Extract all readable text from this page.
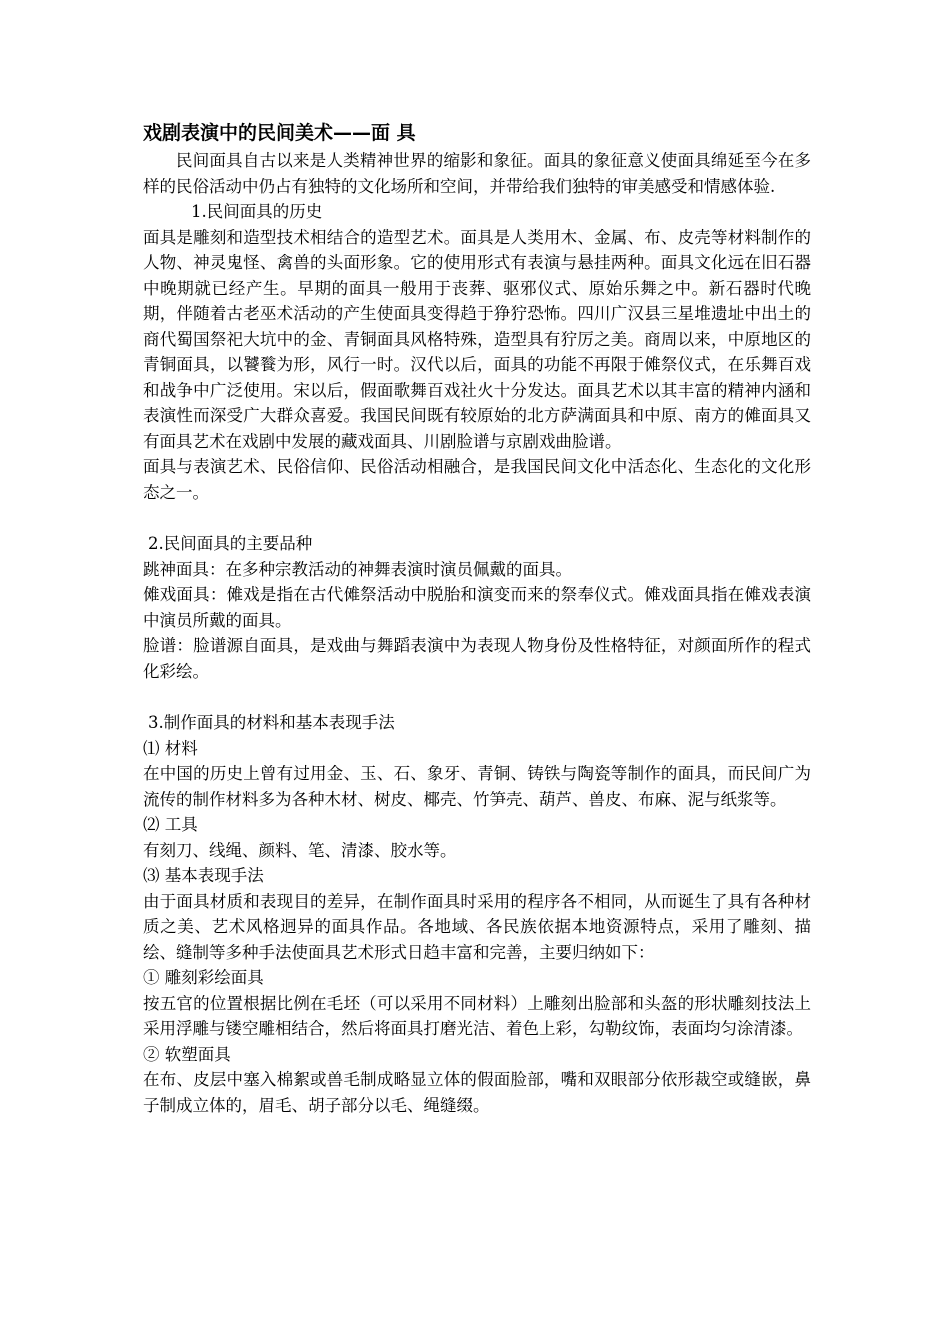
戏剧表演中的民间美术——面 具

民间面具自古以来是人类精神世界的缩影和象征。面具的象征意义使面具绵延至今在多样的民俗活动中仍占有独特的文化场所和空间，并带给我们独特的审美感受和情感体验.

1.民间面具的历史

面具是雕刻和造型技术相结合的造型艺术。面具是人类用木、金属、布、皮壳等材料制作的人物、神灵鬼怪、禽兽的头面形象。它的使用形式有表演与悬挂两种。面具文化远在旧石器中晚期就已经产生。早期的面具一般用于丧葬、驱邪仪式、原始乐舞之中。新石器时代晚期，伴随着古老巫术活动的产生使面具变得趋于狰狞恐怖。四川广汉县三星堆遗址中出土的商代蜀国祭祀大坑中的金、青铜面具风格特殊，造型具有狞厉之美。商周以来，中原地区的青铜面具，以饕餮为形，风行一时。汉代以后，面具的功能不再限于傩祭仪式，在乐舞百戏和战争中广泛使用。宋以后，假面歌舞百戏社火十分发达。面具艺术以其丰富的精神内涵和表演性而深受广大群众喜爱。我国民间既有较原始的北方萨满面具和中原、南方的傩面具又有面具艺术在戏剧中发展的藏戏面具、川剧脸谱与京剧戏曲脸谱。

面具与表演艺术、民俗信仰、民俗活动相融合，是我国民间文化中活态化、生态化的文化形态之一。

2.民间面具的主要品种

跳神面具：在多种宗教活动的神舞表演时演员佩戴的面具。

傩戏面具：傩戏是指在古代傩祭活动中脱胎和演变而来的祭奉仪式。傩戏面具指在傩戏表演中演员所戴的面具。

脸谱：脸谱源自面具，是戏曲与舞蹈表演中为表现人物身份及性格特征，对颜面所作的程式化彩绘。

3.制作面具的材料和基本表现手法

⑴ 材料

在中国的历史上曾有过用金、玉、石、象牙、青铜、铸铁与陶瓷等制作的面具，而民间广为流传的制作材料多为各种木材、树皮、椰壳、竹笋壳、葫芦、兽皮、布麻、泥与纸浆等。

⑵ 工具

有刻刀、线绳、颜料、笔、清漆、胶水等。

⑶ 基本表现手法

由于面具材质和表现目的差异，在制作面具时采用的程序各不相同，从而诞生了具有各种材质之美、艺术风格迥异的面具作品。各地域、各民族依据本地资源特点，采用了雕刻、描绘、缝制等多种手法使面具艺术形式日趋丰富和完善，主要归纳如下：

① 雕刻彩绘面具

按五官的位置根据比例在毛坯（可以采用不同材料）上雕刻出脸部和头盔的形状雕刻技法上采用浮雕与镂空雕相结合，然后将面具打磨光洁、着色上彩，勾勒纹饰，表面均匀涂清漆。

② 软塑面具

在布、皮层中塞入棉絮或兽毛制成略显立体的假面脸部，嘴和双眼部分依形裁空或缝嵌，鼻子制成立体的，眉毛、胡子部分以毛、绳缝缀。
